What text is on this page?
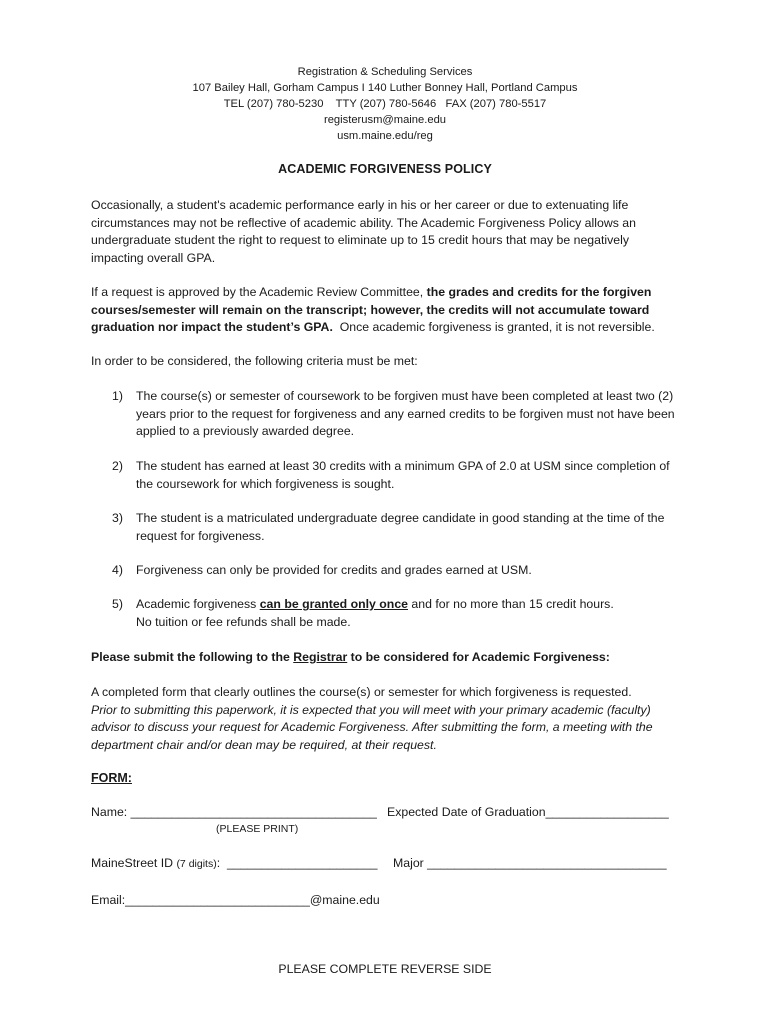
Registration & Scheduling Services
107 Bailey Hall, Gorham Campus I 140 Luther Bonney Hall, Portland Campus
TEL (207) 780-5230    TTY (207) 780-5646   FAX (207) 780-5517
registerusm@maine.edu
usm.maine.edu/reg
ACADEMIC FORGIVENESS POLICY
Occasionally, a student's academic performance early in his or her career or due to extenuating life circumstances may not be reflective of academic ability. The Academic Forgiveness Policy allows an undergraduate student the right to request to eliminate up to 15 credit hours that may be negatively impacting overall GPA.
If a request is approved by the Academic Review Committee, the grades and credits for the forgiven courses/semester will remain on the transcript; however, the credits will not accumulate toward graduation nor impact the student’s GPA.  Once academic forgiveness is granted, it is not reversible.
In order to be considered, the following criteria must be met:
1) The course(s) or semester of coursework to be forgiven must have been completed at least two (2) years prior to the request for forgiveness and any earned credits to be forgiven must not have been applied to a previously awarded degree.
2) The student has earned at least 30 credits with a minimum GPA of 2.0 at USM since completion of the coursework for which forgiveness is sought.
3) The student is a matriculated undergraduate degree candidate in good standing at the time of the request for forgiveness.
4) Forgiveness can only be provided for credits and grades earned at USM.
5) Academic forgiveness can be granted only once and for no more than 15 credit hours.
No tuition or fee refunds shall be made.
Please submit the following to the Registrar to be considered for Academic Forgiveness:
A completed form that clearly outlines the course(s) or semester for which forgiveness is requested.
Prior to submitting this paperwork, it is expected that you will meet with your primary academic (faculty) advisor to discuss your request for Academic Forgiveness. After submitting the form, a meeting with the department chair and/or dean may be required, at their request.
FORM:
Name: ____________________________________ Expected Date of Graduation__________________
(PLEASE PRINT)
MaineStreet ID (7 digits): ______________________ Major ___________________________________
Email:___________________________@maine.edu
PLEASE COMPLETE REVERSE SIDE
